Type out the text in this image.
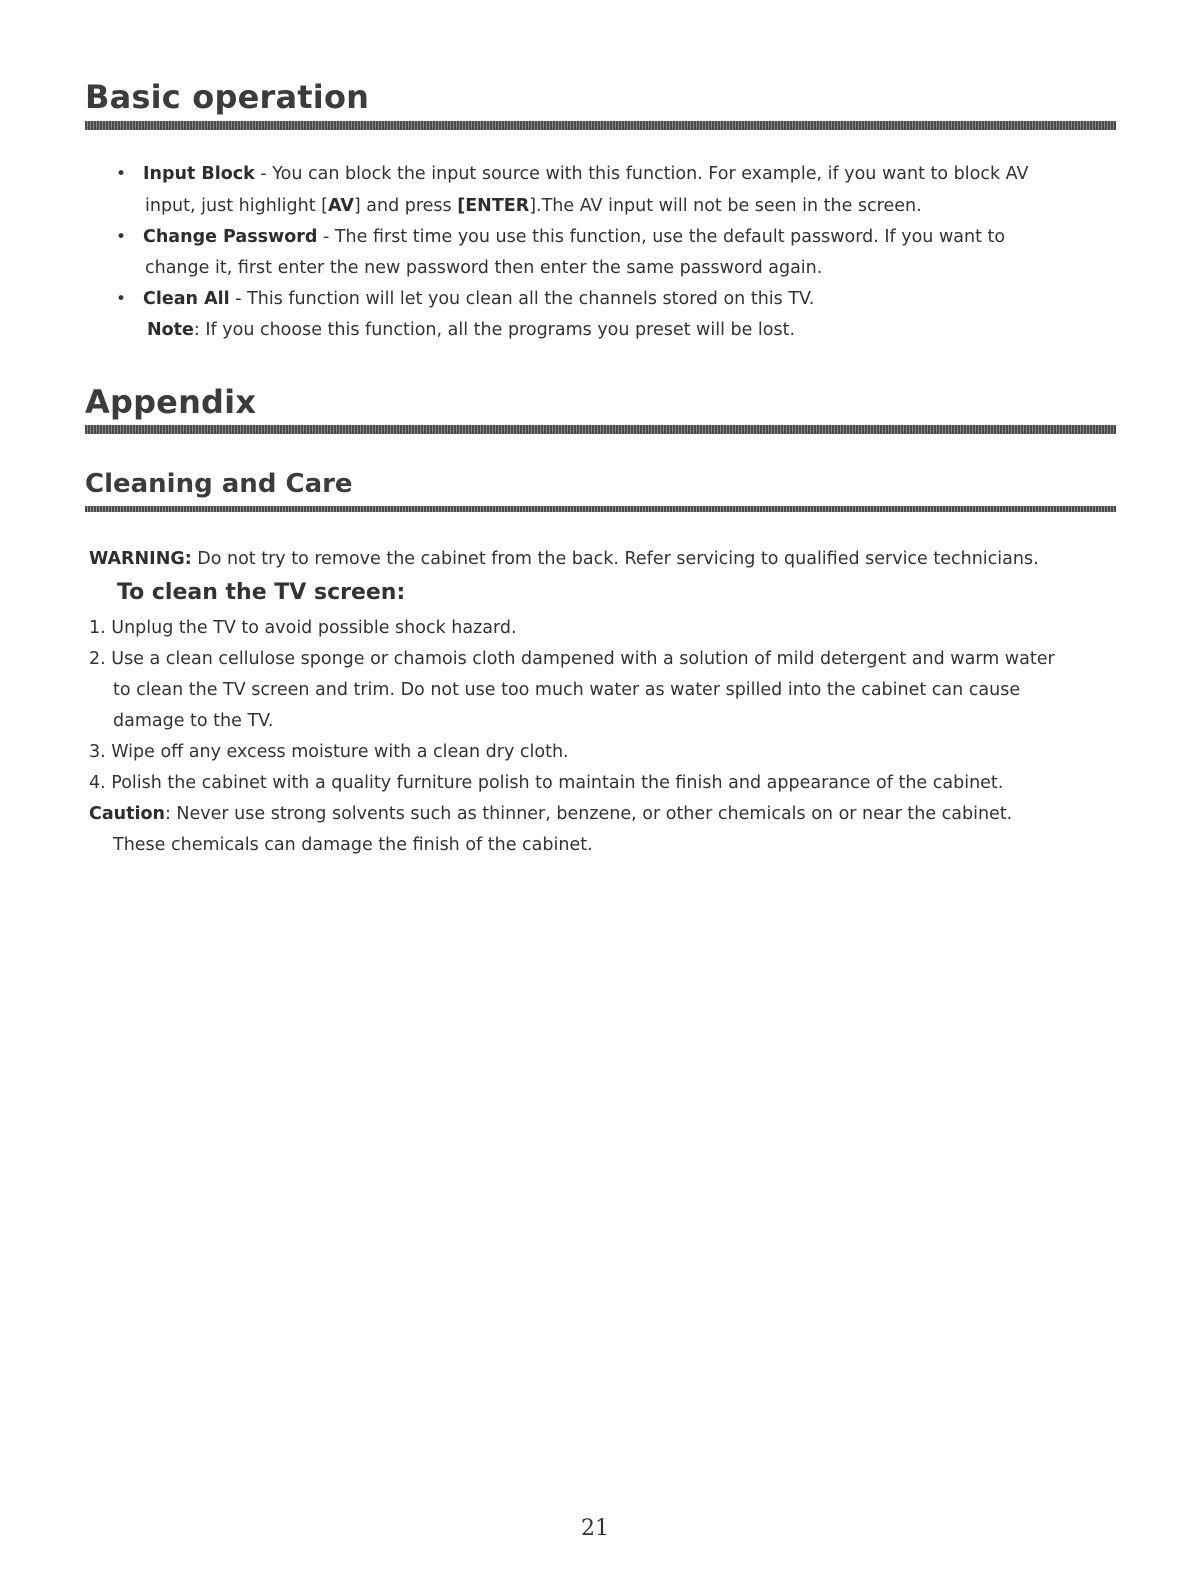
Basic operation
• Input Block - You can block the input source with this function. For example, if you want to block AV

input, just highlight [AV] and press [ENTER].The AV input will not be seen in the screen.

• Change Password - The first time you use this function, use the default password. If you want to

change it, first enter the new password then enter the same password again.

• Clean All - This function will let you clean all the channels stored on this TV.

Note: If you choose this function, all the programs you preset will be lost.

Appendix
Cleaning and Care

WARNING: Do not try to remove the cabinet from the back. Refer servicing to qualified service technicians.

To clean the TV screen:

1. Unplug the TV to avoid possible shock hazard.

2. Use a clean cellulose sponge or chamois cloth dampened with a solution of mild detergent and warm water

to clean the TV screen and trim. Do not use too much water as water spilled into the cabinet can cause

damage to the TV.

3. Wipe off any excess moisture with a clean dry cloth.

4. Polish the cabinet with a quality furniture polish to maintain the finish and appearance of the cabinet.

Caution: Never use strong solvents such as thinner, benzene, or other chemicals on or near the cabinet.

These chemicals can damage the finish of the cabinet.

21
